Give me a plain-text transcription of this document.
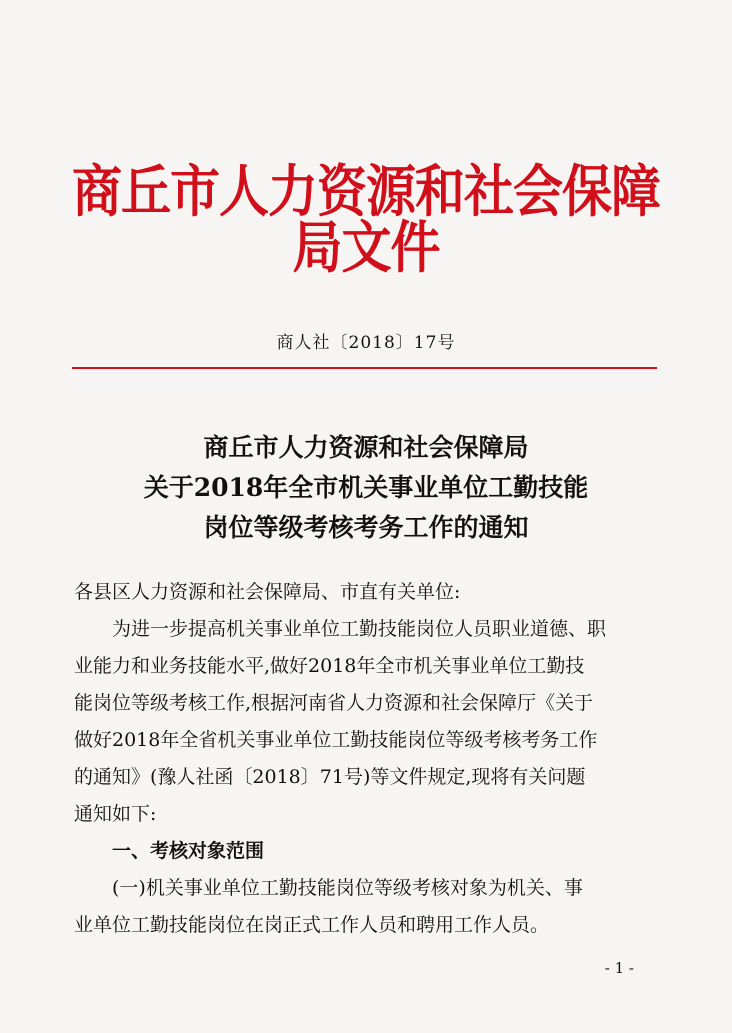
商丘市人力资源和社会保障局文件
商人社〔2018〕17号
商丘市人力资源和社会保障局
关于2018年全市机关事业单位工勤技能
岗位等级考核考务工作的通知

各县区人力资源和社会保障局、市直有关单位:

为进一步提高机关事业单位工勤技能岗位人员职业道德、职

业能力和业务技能水平,做好2018年全市机关事业单位工勤技

能岗位等级考核工作,根据河南省人力资源和社会保障厅《关于

做好2018年全省机关事业单位工勤技能岗位等级考核考务工作

的通知》(豫人社函〔2018〕71号)等文件规定,现将有关问题

通知如下:

一、考核对象范围

(一)机关事业单位工勤技能岗位等级考核对象为机关、事

业单位工勤技能岗位在岗正式工作人员和聘用工作人员。

- 1 -
